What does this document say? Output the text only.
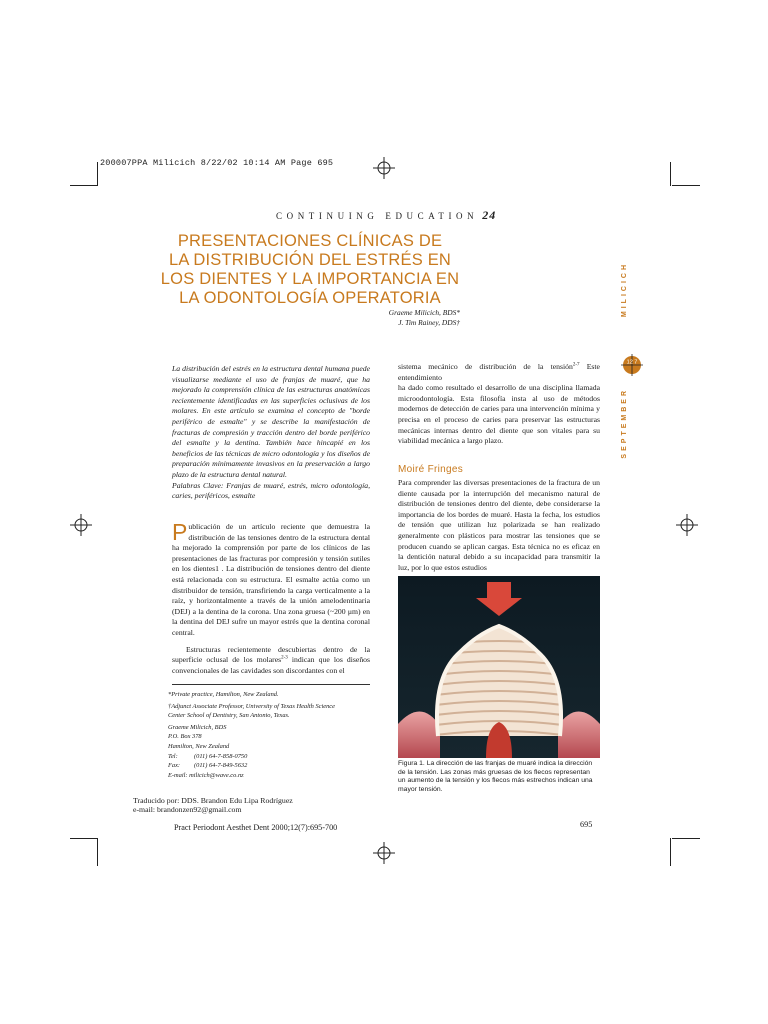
200007PPA Milicich 8/22/02 10:14 AM Page 695
CONTINUING EDUCATION 24
PRESENTACIONES CLÍNICAS DE
LA DISTRIBUCIÓN DEL ESTRÉS EN
LOS DIENTES Y LA IMPORTANCIA EN
LA ODONTOLOGÍA OPERATORIA
Graeme Milicich, BDS*
J. Tim Rainey, DDS†
MILICICH
12 7
SEPTEMBER

La distribución del estrés en la estructura dental humana puede visualizarse mediante el uso de franjas de muaré, que ha mejorado la comprensión clínica de las estructuras anatómicas recientemente identificadas en las superficies oclusivas de los molares. En este artículo se examina el concepto de "borde periférico de esmalte" y se describe la manifestación de fracturas de compresión y tracción dentro del borde periférico del esmalte y la dentina. También hace hincapié en los beneficios de las técnicas de micro odontología y los diseños de preparación mínimamente invasivos en la preservación a largo plazo de la estructura dental natural.

Palabras Clave: Franjas de muaré, estrés, micro odontología, caries, periféricos, esmalte

Publicación de un artículo reciente que demuestra la distribución de las tensiones dentro de la estructura dental ha mejorado la comprensión por parte de los clínicos de las presentaciones de las fracturas por compresión y tensión sutiles en los dientes1 . La distribución de tensiones dentro del diente está relacionada con su estructura. El esmalte actúa como un distribuidor de tensión, transfiriendo la carga verticalmente a la raíz, y horizontalmente a través de la unión amelodentinaria (DEJ) a la dentina de la corona. Una zona gruesa (~200 μm) en la dentina del DEJ sufre un mayor estrés que la dentina coronal central.

Estructuras recientemente descubiertas dentro de la superficie oclusal de los molares$^{2-3}$ indican que los diseños convencionales de las cavidades son discordantes con el

*Private practice, Hamilton, New Zealand.
†Adjunct Associate Professor, University of Texas Health Science
Center School of Dentistry, San Antonio, Texas.
Graeme Milicich, BDS
P.O. Box 378
Hamilton, New Zealand
Tel:	(011) 64-7-858-0750
Fax:	(011) 64-7-849-5632
E-mail: milicich@wave.co.nz
Traducido por: DDS. Brandon Edu Lipa Rodríguez
e-mail: brandonzen92@gmail.com

sistema mecánico de distribución de la tensión$^{2-7}$ Este entendimiento

ha dado como resultado el desarrollo de una disciplina llamada microodontología. Esta filosofía insta al uso de métodos modernos de detección de caries para una intervención mínima y precisa en el proceso de caries para preservar las estructuras mecánicas internas dentro del diente que son vitales para su viabilidad mecánica a largo plazo.

Moiré Fringes

Para comprender las diversas presentaciones de la fractura de un diente causada por la interrupción del mecanismo natural de distribución de tensiones dentro del diente, debe considerarse la importancia de los bordes de muaré. Hasta la fecha, los estudios de tensión que utilizan luz polarizada se han realizado generalmente con plásticos para mostrar las tensiones que se producen cuando se aplican cargas. Esta técnica no es eficaz en la dentición natural debido a su incapacidad para transmitir la luz, por lo que estos estudios

Figura 1. La dirección de las franjas de muaré indica la dirección de la tensión. Las zonas más gruesas de los flecos representan un aumento de la tensión y los flecos más estrechos indican una mayor tensión.
Pract Periodont Aesthet Dent 2000;12(7):695-700	695
